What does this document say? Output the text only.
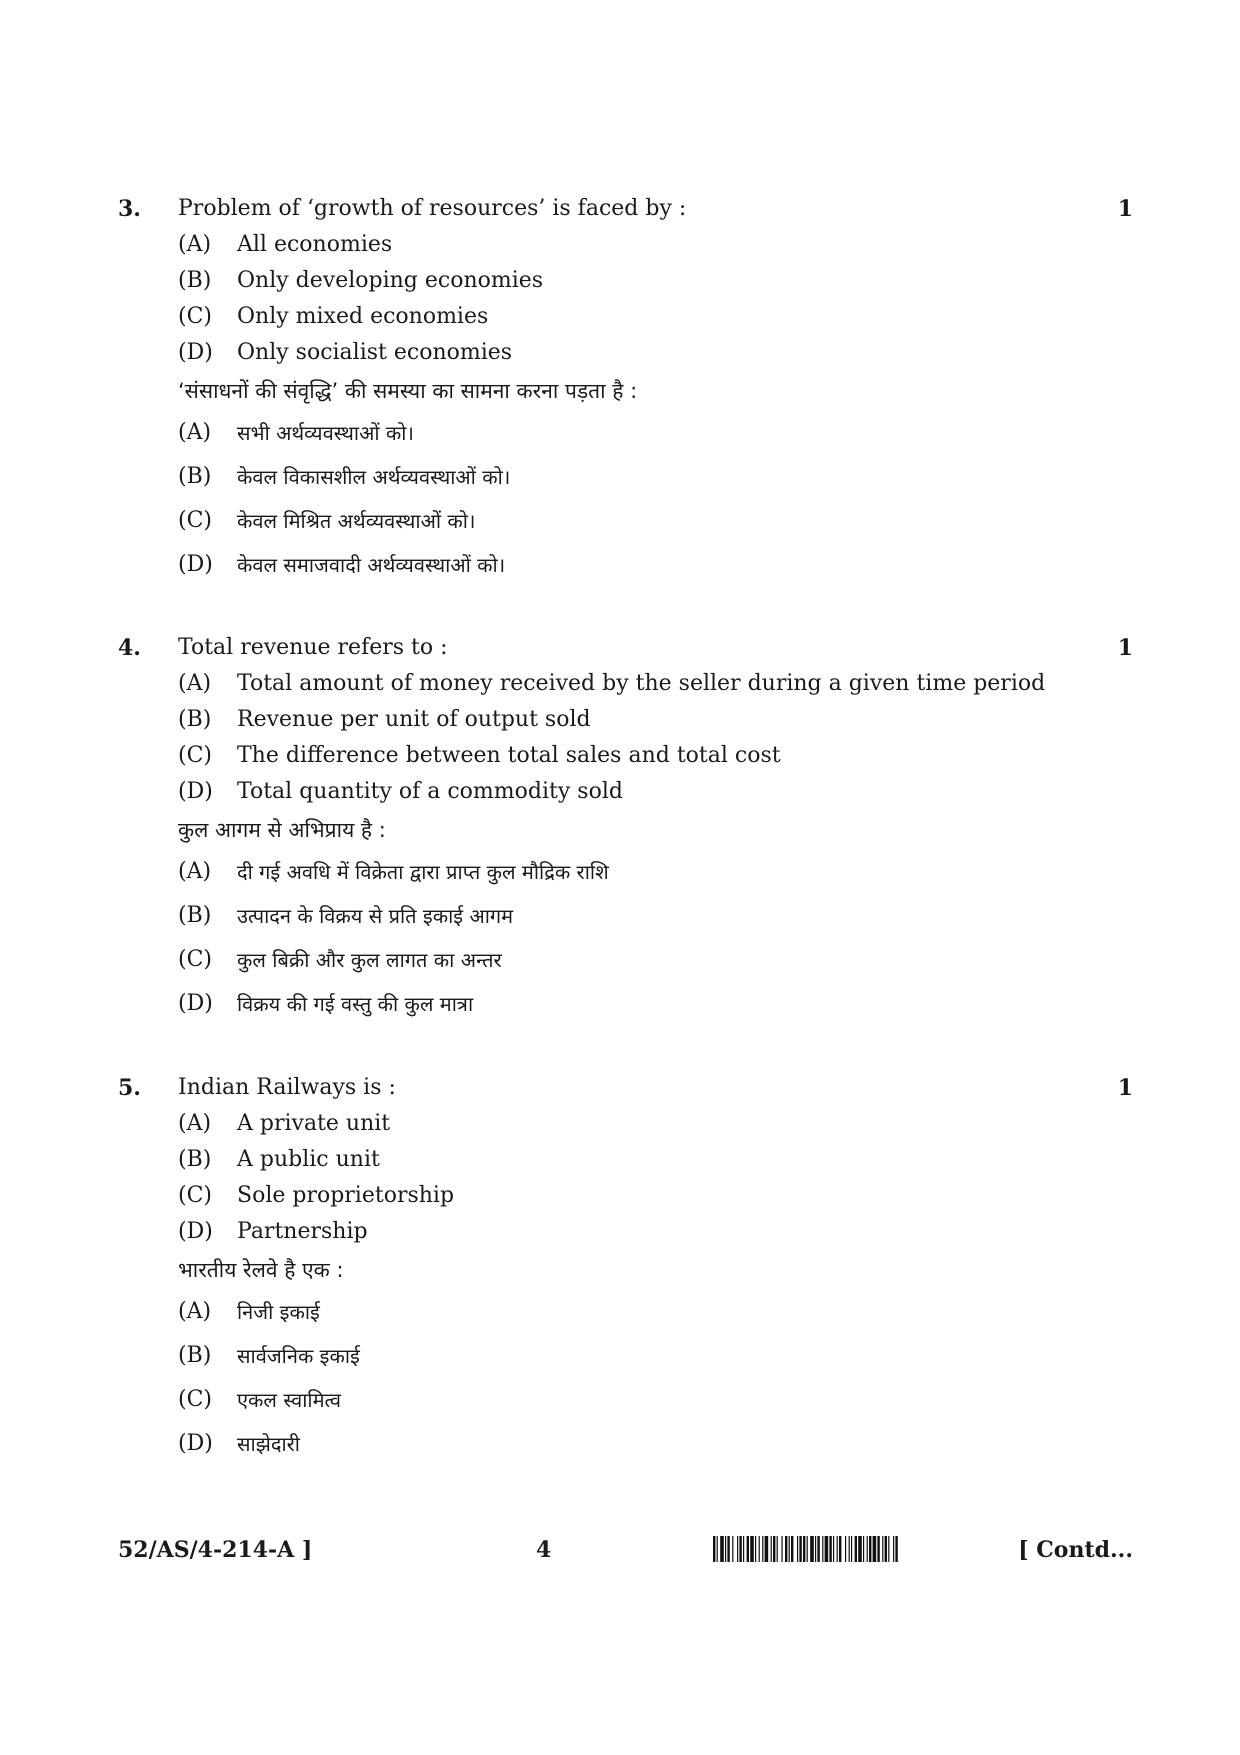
3. Problem of ‘growth of resources’ is faced by :	1
(A) All economies
(B) Only developing economies
(C) Only mixed economies
(D) Only socialist economies
‘संसाधनों की संवृद्धि’ की समस्या का सामना करना पड़ता है :
(A) सभी अर्थव्यवस्थाओं को।
(B) केवल विकासशील अर्थव्यवस्थाओं को।
(C) केवल मिश्रित अर्थव्यवस्थाओं को।
(D) केवल समाजवादी अर्थव्यवस्थाओं को।
4. Total revenue refers to :	1
(A) Total amount of money received by the seller during a given time period
(B) Revenue per unit of output sold
(C) The difference between total sales and total cost
(D) Total quantity of a commodity sold
कुल आगम से अभिप्राय है :
(A) दी गई अवधि में विक्रेता द्वारा प्राप्त कुल मौद्रिक राशि
(B) उत्पादन के विक्रय से प्रति इकाई आगम
(C) कुल बिक्री और कुल लागत का अन्तर
(D) विक्रय की गई वस्तु की कुल मात्रा
5. Indian Railways is :	1
(A) A private unit
(B) A public unit
(C) Sole proprietorship
(D) Partnership
भारतीय रेलवे है एक :
(A) निजी इकाई
(B) सार्वजनिक इकाई
(C) एकल स्वामित्व
(D) साझेदारी
52/AS/4-214-A ]	4	[ Contd...
